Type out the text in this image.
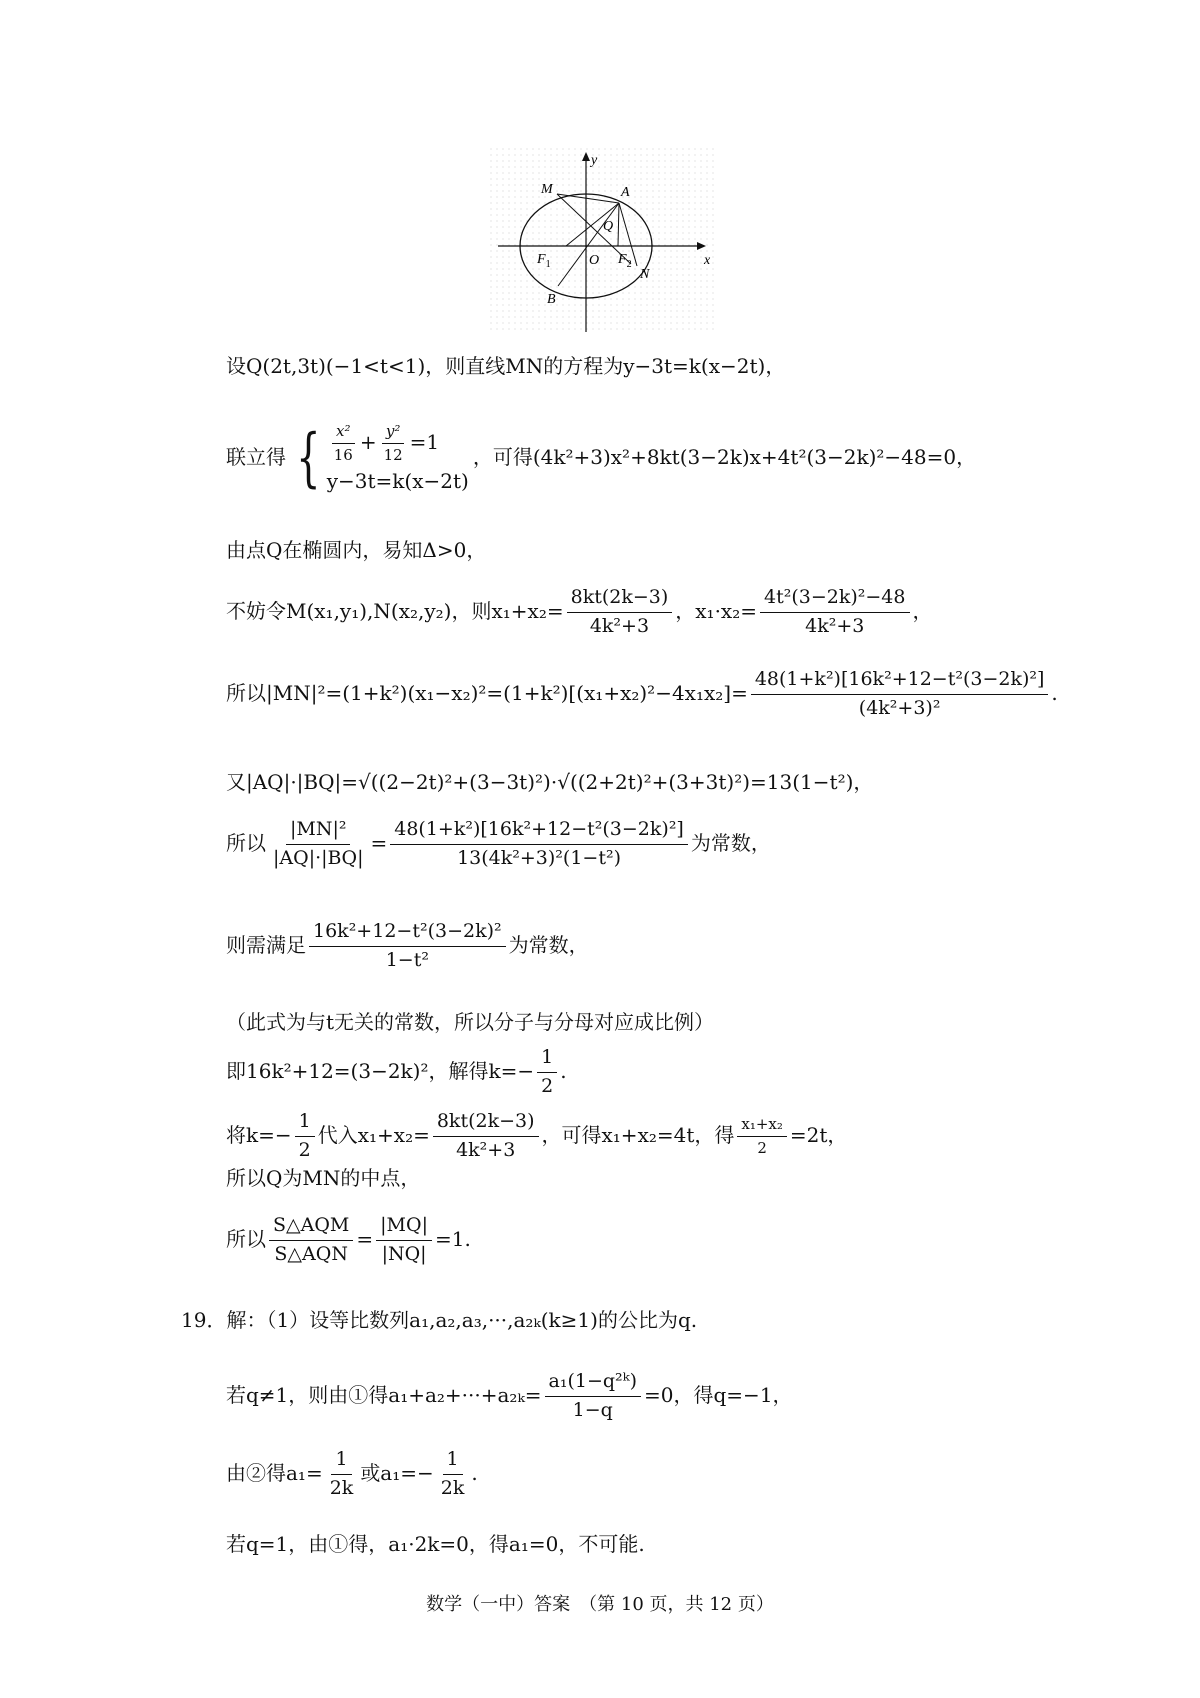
y
x
O
M	A
Q
$F_1$	$F_2$
N
B
设Q(2t,3t)(−1<t<1)，则直线MN的方程为y−3t=k(x−2t)，
联立得 { $\frac{\text{x²}}{16} + \frac{\text{y²}}{12} =1$
y−3t=k(x−2t)
，可得(4k²+3)x²+8kt(3−2k)x+4t²(3−2k)²−48=0，
由点Q在椭圆内，易知Δ>0，
不妨令M(x₁,y₁),N(x₂,y₂)，则$x_1+x_2= \frac{8kt(2k-3)}{\text{4k²+3}}$ ，$x_1\cdot x_2= \frac{\text{4t²(3−2k)²−48}}{\text{4k²+3}}$ ，
所以$|MN|^2=(1+k^2)(x_1-x_2)^2=(1+k^2)[(x_1+x_2)^2-4x_1x_2]= \frac{\text{48(1+k²)[16k²+12−t²(3−2k)²]}}{\text{(4k²+3)²}}$ .
又|AQ|·|BQ|=√((2−2t)²+(3−3t)²)·√((2+2t)²+(3+3t)²)=13(1−t²)，
所以 $\frac{\text{|MN|²}}{|AQ|\cdot|BQ|} = \frac{\text{48(1+k²)[16k²+12−t²(3−2k)²]}}{\text{13(4k²+3)²(1−t²)}}$ 为常数，
则需满足 $\frac{\text{16k²+12−t²(3−2k)²}}{\text{1−t²}}$ 为常数，
（此式为与t无关的常数，所以分子与分母对应成比例）
即16k²+12=(3−2k)²，解得$k=- \frac{1}{2}$ .
将$k=- \frac{1}{2}$ 代入$x_1+x_2= \frac{8kt(2k-3)}{\text{4k²+3}}$ ，可得x₁+x₂=4t，得 $\frac{\text{x₁+x₂}}{2} =2t$，
所以Q为MN的中点，
所以 $\frac{\text{S△AQM}}{\text{S△AQN}} = \frac{|MQ|}{|NQ|} =1$.
19．解：（1）设等比数列a₁,a₂,a₃,···,a₂ₖ(k≥1)的公比为q.
若q≠1，则由①得$a_1+a_2+\cdot\cdot\cdot+a_{2k}= \frac{\text{a₁(1−q²ᵏ)}}{1-q} =0$，得q=−1，
由②得$a_1= \frac{1}{2k}$ 或$a_1=- \frac{1}{2k}$ .
若q=1，由①得，a₁·2k=0，得a₁=0，不可能.
数学（一中）答案　（第 10 页，共 12 页）
